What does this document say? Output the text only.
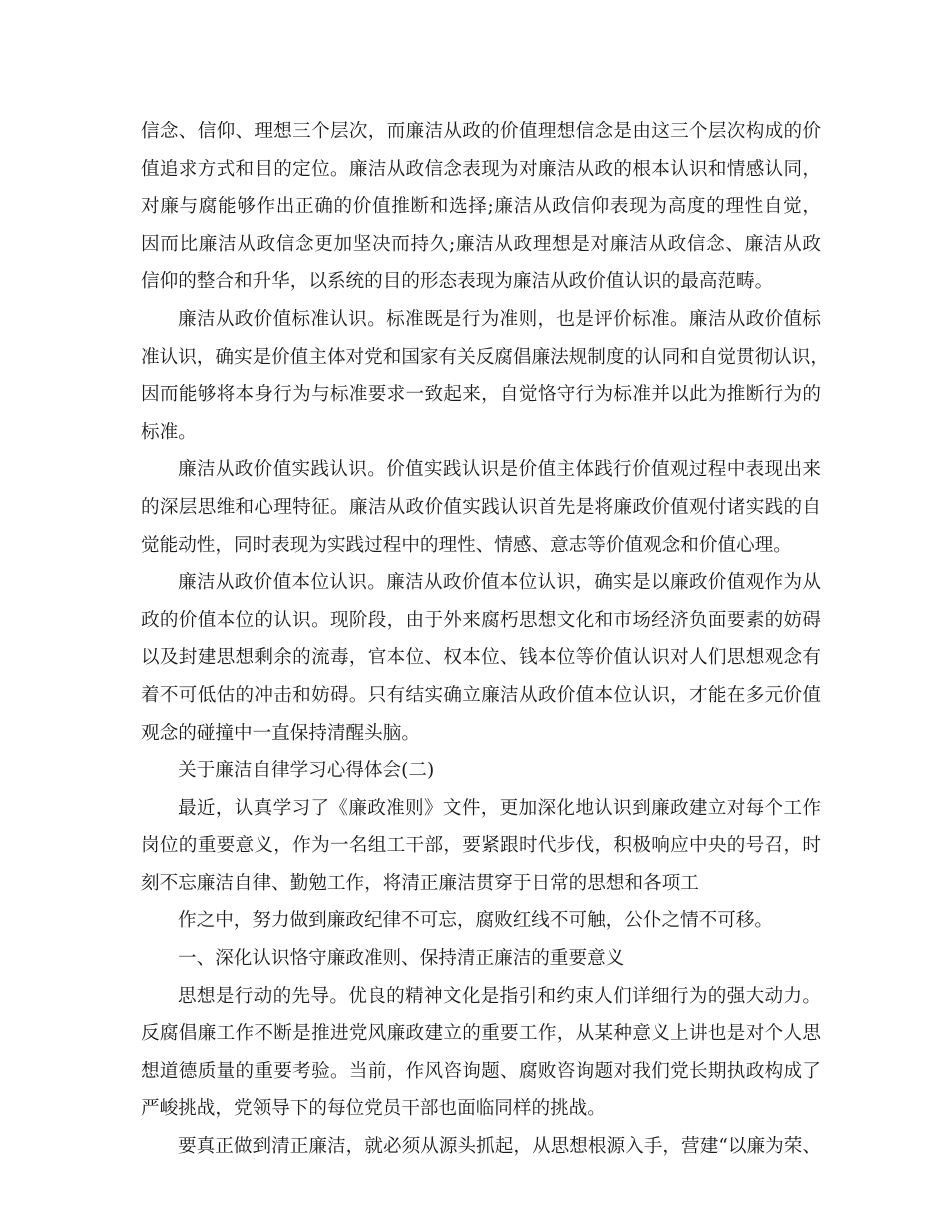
信念、信仰、理想三个层次，而廉洁从政的价值理想信念是由这三个层次构成的价
值追求方式和目的定位。廉洁从政信念表现为对廉洁从政的根本认识和情感认同，
对廉与腐能够作出正确的价值推断和选择;廉洁从政信仰表现为高度的理性自觉，
因而比廉洁从政信念更加坚决而持久;廉洁从政理想是对廉洁从政信念、廉洁从政
信仰的整合和升华，以系统的目的形态表现为廉洁从政价值认识的最高范畴。
廉洁从政价值标准认识。标准既是行为准则，也是评价标准。廉洁从政价值标
准认识，确实是价值主体对党和国家有关反腐倡廉法规制度的认同和自觉贯彻认识，
因而能够将本身行为与标准要求一致起来，自觉恪守行为标准并以此为推断行为的
标准。
廉洁从政价值实践认识。价值实践认识是价值主体践行价值观过程中表现出来
的深层思维和心理特征。廉洁从政价值实践认识首先是将廉政价值观付诸实践的自
觉能动性，同时表现为实践过程中的理性、情感、意志等价值观念和价值心理。
廉洁从政价值本位认识。廉洁从政价值本位认识，确实是以廉政价值观作为从
政的价值本位的认识。现阶段，由于外来腐朽思想文化和市场经济负面要素的妨碍
以及封建思想剩余的流毒，官本位、权本位、钱本位等价值认识对人们思想观念有
着不可低估的冲击和妨碍。只有结实确立廉洁从政价值本位认识，才能在多元价值
观念的碰撞中一直保持清醒头脑。
关于廉洁自律学习心得体会(二)
最近，认真学习了《廉政准则》文件，更加深化地认识到廉政建立对每个工作
岗位的重要意义，作为一名组工干部，要紧跟时代步伐，积极响应中央的号召，时
刻不忘廉洁自律、勤勉工作，将清正廉洁贯穿于日常的思想和各项工
作之中，努力做到廉政纪律不可忘，腐败红线不可触，公仆之情不可移。
一、深化认识恪守廉政准则、保持清正廉洁的重要意义
思想是行动的先导。优良的精神文化是指引和约束人们详细行为的强大动力。
反腐倡廉工作不断是推进党风廉政建立的重要工作，从某种意义上讲也是对个人思
想道德质量的重要考验。当前，作风咨询题、腐败咨询题对我们党长期执政构成了
严峻挑战，党领导下的每位党员干部也面临同样的挑战。
要真正做到清正廉洁，就必须从源头抓起，从思想根源入手，营建“以廉为荣、
